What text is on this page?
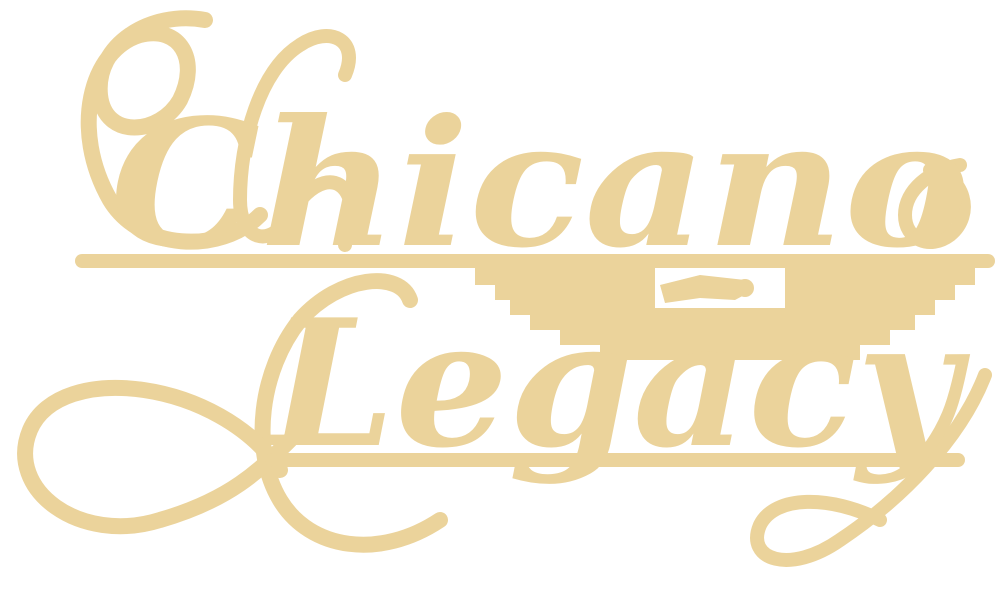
Chicano
Legacy
